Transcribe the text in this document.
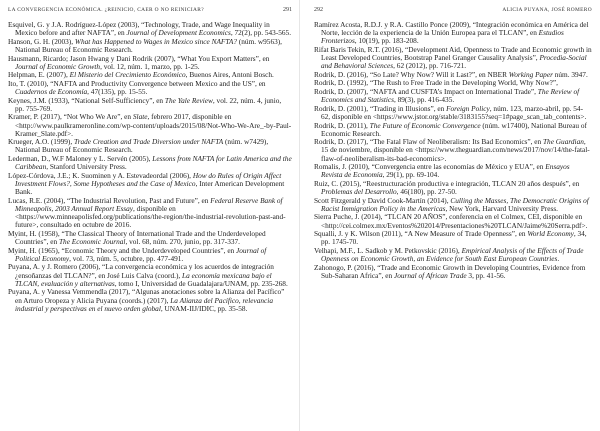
LA CONVERGENCIA ECONÓMICA. ¿REINICIO, CAER O NO REINICIAR?	291

Esquivel, G. y J.A. Rodríguez-López (2003), “Technology, Trade, and Wage Inequality in Mexico before and after NAFTA”, en Journal of Development Economics, 72(2), pp. 543-565.

Hanson, G. H. (2003), What has Happened to Wages in Mexico since NAFTA? (núm. w9563), National Bureau of Economic Research.

Hausmann, Ricardo; Jason Hwang y Dani Rodrik (2007), “What You Export Matters”, en Journal of Economic Growth, vol. 12, núm. 1, marzo, pp. 1-25.

Helpman, E. (2007), El Misterio del Crecimiento Económico, Buenos Aires, Antoni Bosch.

Ito, T. (2010), “NAFTA and Productivity Convergence between Mexico and the US”, en Cuadernos de Economía, 47(135), pp. 15-55.

Keynes, J.M. (1933), “National Self-Sufficiency”, en The Yale Review, vol. 22, núm. 4, junio, pp. 755-769.

Kramer, P. (2017), “Not Who We Are”, en Slate, febrero 2017, disponible en <http://www.paulkrameronline.com/wp-content/uploads/2015/08/Not-Who-We-Are_-by-Paul-Kramer_Slate.pdf>.

Krueger, A.O. (1999), Trade Creation and Trade Diversion under NAFTA (núm. w7429), National Bureau of Economic Research.

Lederman, D., W.F Maloney y L. Servén (2005), Lessons from NAFTA for Latin America and the Caribbean, Stanford University Press.

López-Córdova, J.E.; K. Suominen y A. Estevadeordal (2006), How do Rules of Origin Affect Investment Flows?, Some Hypotheses and the Case of Mexico, Inter American Development Bank.

Lucas, R.E. (2004), “The Industrial Revolution, Past and Future”, en Federal Reserve Bank of Minneapolis, 2003 Annual Report Essay, disponible en <https://www.minneapolisfed.org/publications/the-region/the-industrial-revolution-past-and-future>, consultado en octubre de 2016.

Myint, H. (1958), “The Classical Theory of International Trade and the Underdeveloped Countries”, en The Economic Journal, vol. 68, núm. 270, junio, pp. 317-337.

Myint, H. (1965), “Economic Theory and the Underdeveloped Countries”, en Journal of Political Economy, vol. 73, núm. 5, octubre, pp. 477-491.

Puyana, A. y J. Romero (2006), “La convergencia económica y los acuerdos de integración ¿ensoñanzas del TLCAN?”, en José Luis Calva (coord.), La economía mexicana bajo el TLCAN, evaluación y alternativas, tomo I, Universidad de Guadalajara/UNAM, pp. 235-268.

Puyana, A. y Vanessa Vemmendla (2017), “Algunas anotaciones sobre la Alianza del Pacífico” en Arturo Oropeza y Alicia Puyana (coords.) (2017), La Alianza del Pacífico, relevancia industrial y perspectivas en el nuevo orden global, UNAM-IIJ/IDIC, pp. 35-58.

292	ALICIA PUYANA, JOSÉ ROMERO

Ramírez Acosta, R.D.J. y R.A. Castillo Ponce (2009), “Integración económica en América del Norte, lección de la experiencia de la Unión Europea para el TLCAN”, en Estudios Fronterizos, 10(19), pp. 183-208.

Rifat Baris Tekin, R.T. (2016), “Development Aid, Openness to Trade and Economic growth in Least Developed Countries, Bootstrap Panel Granger Causality Analysis”, Procedia-Social and Behavioral Sciences, 62 (2012), pp. 716-721.

Rodrik, D. (2016), “So Late? Why Now? Will it Last?”, en NBER Working Paper núm. 3947.

Rodrik, D. (1992), “The Rush to Free Trade in the Developing World, Why Now?”,

Rodrik, D. (2007), “NAFTA and CUSFTA’s Impact on International Trade”, The Review of Economics and Statistics, 89(3), pp. 416-435.

Rodrik, D. (2001), “Trading in Illusions”, en Foreign Policy, núm. 123, marzo-abril, pp. 54-62, disponible en <https://www.jstor.org/stable/3183155?seq=1#page_scan_tab_contents>.

Rodrik, D. (2011), The Future of Economic Convergence (núm. w17400), National Bureau of Economic Research.

Rodrik, D. (2017), “The Fatal Flaw of Neoliberalism: Its Bad Economics”, en The Guardian, 15 de noviembre, disponible en <https://www.theguardian.com/news/2017/nov/14/the-fatal-flaw-of-neoliberalism-its-bad-economics>.

Romalis, J. (2010), “Convergencia entre las economías de México y EUA”, en Ensayos Revista de Economía, 29(1), pp. 69-104.

Ruiz, C. (2015), “Reestructuración productiva e integración, TLCAN 20 años después”, en Problemas del Desarrollo, 46(180), pp. 27-50.

Scott Fitzgerald y David Cook-Martín (2014), Culling the Masses, The Democratic Origins of Racist Immigration Policy in the Americas, New York, Harvard University Press.

Sierra Puche, J. (2014), “TLCAN 20 AÑOS”, conferencia en el Colmex, CEI, disponible en <http://cei.colmex.mx/Eventos%202014/Presentaciones%20TLCAN/Jaime%20Serra.pdf>.

Squalli, J. y K. Wilson (2011), “A New Measure of Trade Openness”, en World Economy, 34, pp. 1745-70.

Velhapi, M.F., L. Sadkob y M. Petkovskic (2016), Empirical Analysis of the Effects of Trade Openness on Economic Growth, an Evidence for South East European Countries.

Zahonogo, P. (2016), “Trade and Economic Growth in Developing Countries, Evidence from Sub-Saharan Africa”, en Journal of African Trade 3, pp. 41-56.
